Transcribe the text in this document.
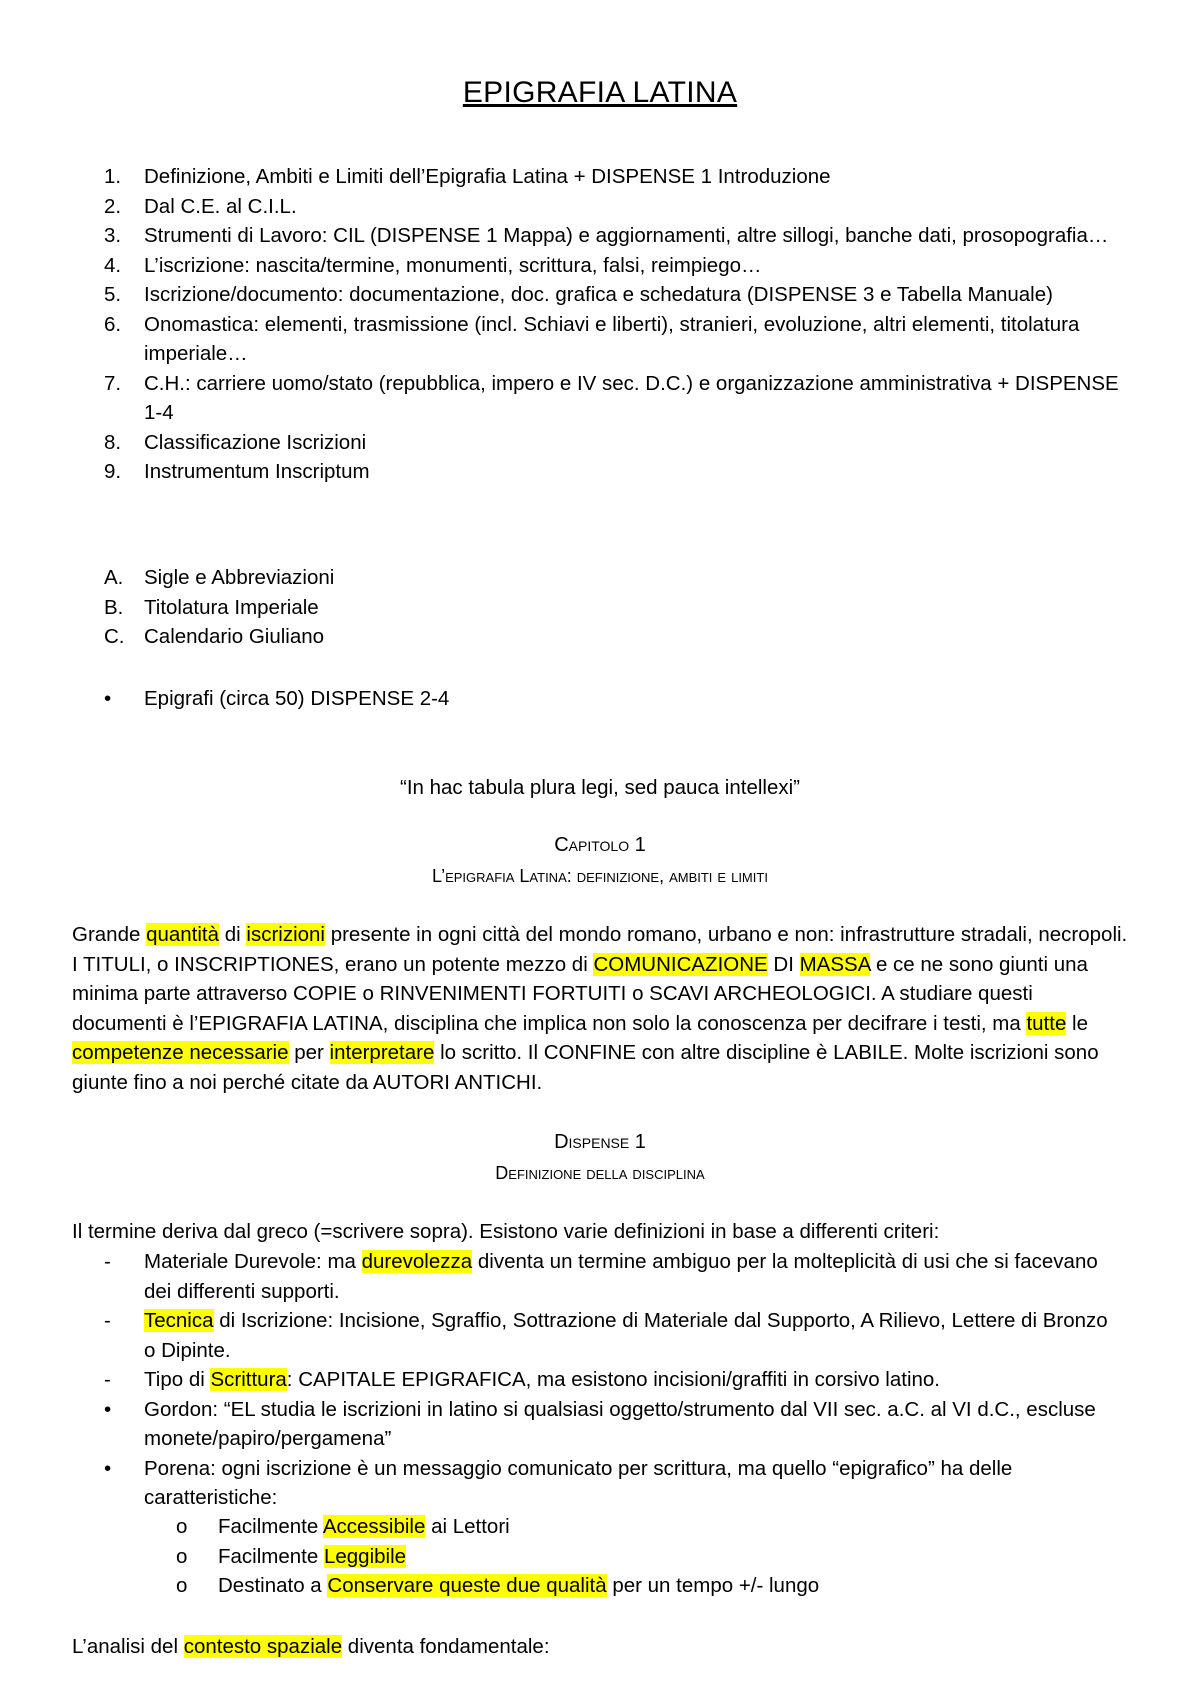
EPIGRAFIA LATINA
1.	Definizione, Ambiti e Limiti dell’Epigrafia Latina + DISPENSE 1 Introduzione
2.	Dal C.E. al C.I.L.
3.	Strumenti di Lavoro: CIL (DISPENSE 1 Mappa) e aggiornamenti, altre sillogi, banche dati, prosopografia…
4.	L’iscrizione: nascita/termine, monumenti, scrittura, falsi, reimpiego…
5.	Iscrizione/documento: documentazione, doc. grafica e schedatura (DISPENSE 3 e Tabella Manuale)
6.	Onomastica: elementi, trasmissione (incl. Schiavi e liberti), stranieri, evoluzione, altri elementi, titolatura imperiale…
7.	C.H.: carriere uomo/stato (repubblica, impero e IV sec. D.C.) e organizzazione amministrativa + DISPENSE 1-4
8.	Classificazione Iscrizioni
9.	Instrumentum Inscriptum
A.	Sigle e Abbreviazioni
B.	Titolatura Imperiale
C. Calendario Giuliano
•	Epigrafi (circa 50) DISPENSE 2-4
“In hac tabula plura legi, sed pauca intellexi”
Capitolo 1
L’epigrafia Latina: definizione, ambiti e limiti
Grande quantità di iscrizioni presente in ogni città del mondo romano, urbano e non: infrastrutture stradali, necropoli. I TITULI, o INSCRIPTIONES, erano un potente mezzo di COMUNICAZIONE DI MASSA e ce ne sono giunti una minima parte attraverso COPIE o RINVENIMENTI FORTUITI o SCAVI ARCHEOLOGICI. A studiare questi documenti è l’EPIGRAFIA LATINA, disciplina che implica non solo la conoscenza per decifrare i testi, ma tutte le competenze necessarie per interpretare lo scritto. Il CONFINE con altre discipline è LABILE. Molte iscrizioni sono giunte fino a noi perché citate da AUTORI ANTICHI.
Dispense 1
Definizione della disciplina
Il termine deriva dal greco (=scrivere sopra). Esistono varie definizioni in base a differenti criteri:
-	Materiale Durevole: ma durevolezza diventa un termine ambiguo per la molteplicità di usi che si facevano dei differenti supporti.
-	Tecnica di Iscrizione: Incisione, Sgraffio, Sottrazione di Materiale dal Supporto, A Rilievo, Lettere di Bronzo o Dipinte.
-	Tipo di Scrittura: CAPITALE EPIGRAFICA, ma esistono incisioni/graffiti in corsivo latino.
•	Gordon: “EL studia le iscrizioni in latino si qualsiasi oggetto/strumento dal VII sec. a.C. al VI d.C., escluse monete/papiro/pergamena”
•	Porena: ogni iscrizione è un messaggio comunicato per scrittura, ma quello “epigrafico” ha delle caratteristiche:
o	Facilmente Accessibile ai Lettori
o	Facilmente Leggibile
o	Destinato a Conservare queste due qualità per un tempo +/- lungo
L’analisi del contesto spaziale diventa fondamentale:
